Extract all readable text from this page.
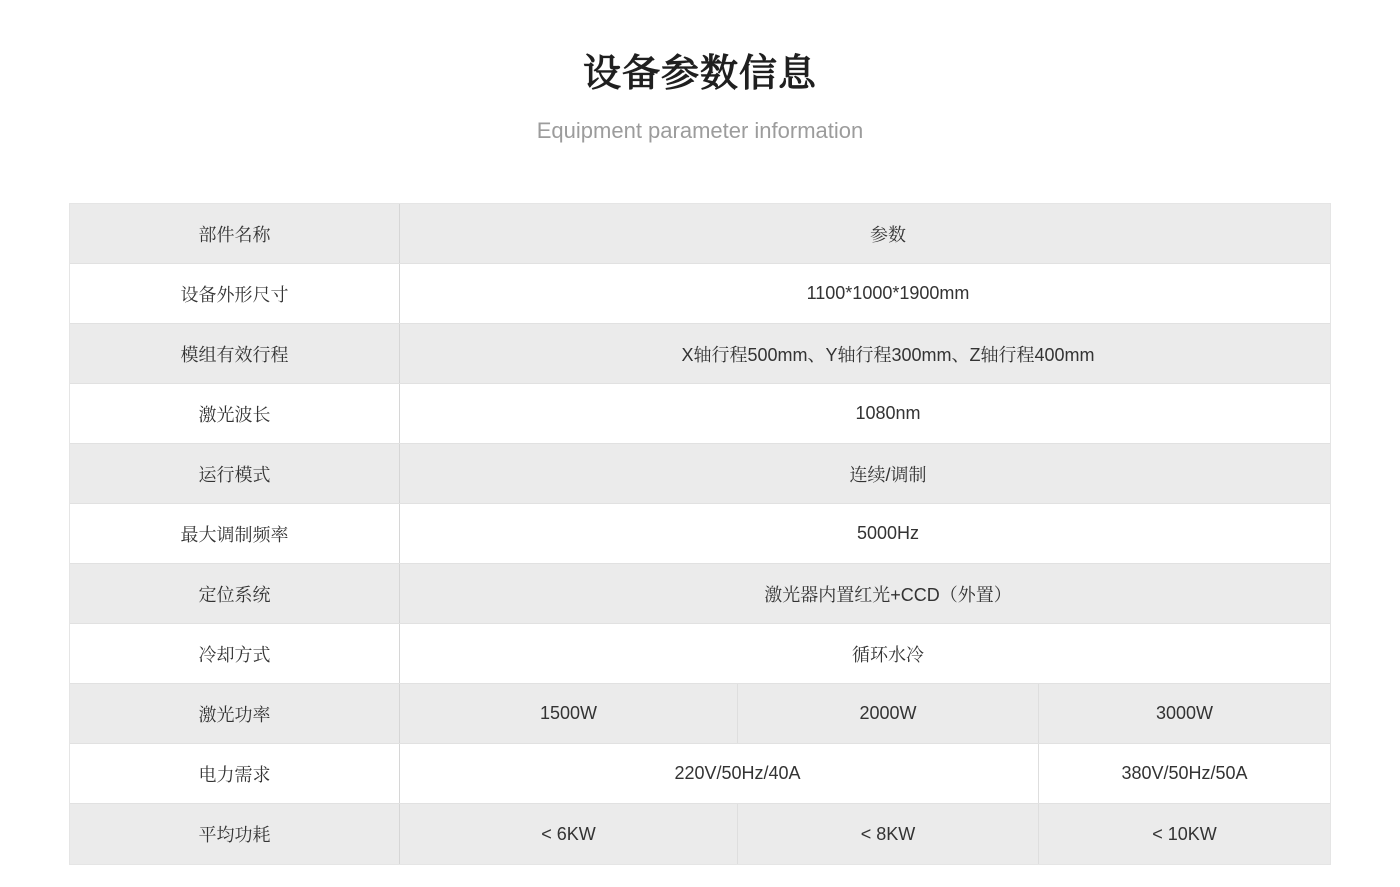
设备参数信息
Equipment parameter information
部件名称	参数
设备外形尺寸	1100*1000*1900mm
模组有效行程	X轴行程500mm、Y轴行程300mm、Z轴行程400mm
激光波长	1080nm
运行模式	连续/调制
最大调制频率	5000Hz
定位系统	激光器内置红光+CCD（外置）
冷却方式	循环水冷
激光功率	1500W	2000W	3000W
电力需求	220V/50Hz/40A	380V/50Hz/50A
平均功耗	< 6KW	< 8KW	< 10KW
